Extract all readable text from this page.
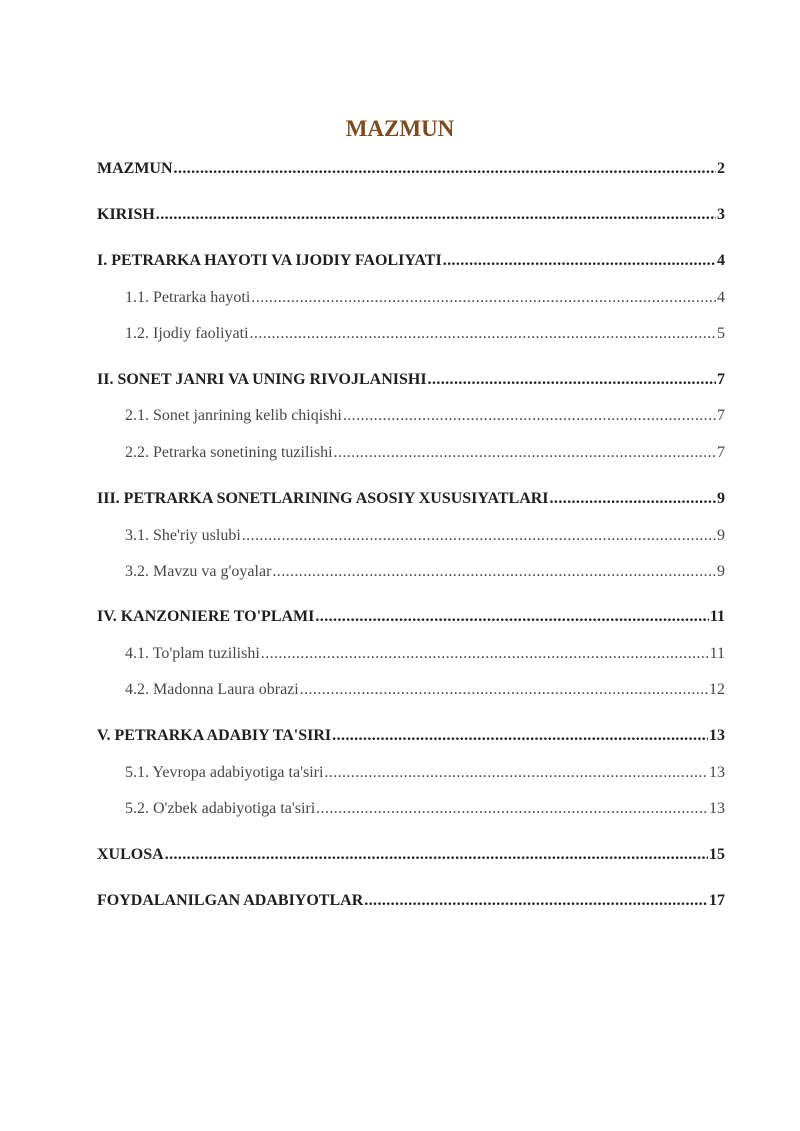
MAZMUN
MAZMUN .....	2
KIRISH .....	3
I. PETRARKA HAYOTI VA IJODIY FAOLIYATI .....	4
1.1. Petrarka hayoti .....	4
1.2. Ijodiy faoliyati .....	5
II. SONET JANRI VA UNING RIVOJLANISHI .....	7
2.1. Sonet janrining kelib chiqishi .....	7
2.2. Petrarka sonetining tuzilishi .....	7
III. PETRARKA SONETLARINING ASOSIY XUSUSIYATLARI .....	9
3.1. She'riy uslubi .....	9
3.2. Mavzu va g'oyalar .....	9
IV. KANZONIERE TO'PLAMI .....	11
4.1. To'plam tuzilishi .....	11
4.2. Madonna Laura obrazi .....	12
V. PETRARKA ADABIY TA'SIRI .....	13
5.1. Yevropa adabiyotiga ta'siri .....	13
5.2. O'zbek adabiyotiga ta'siri .....	13
XULOSA .....	15
FOYDALANILGAN ADABIYOTLAR .....	17
